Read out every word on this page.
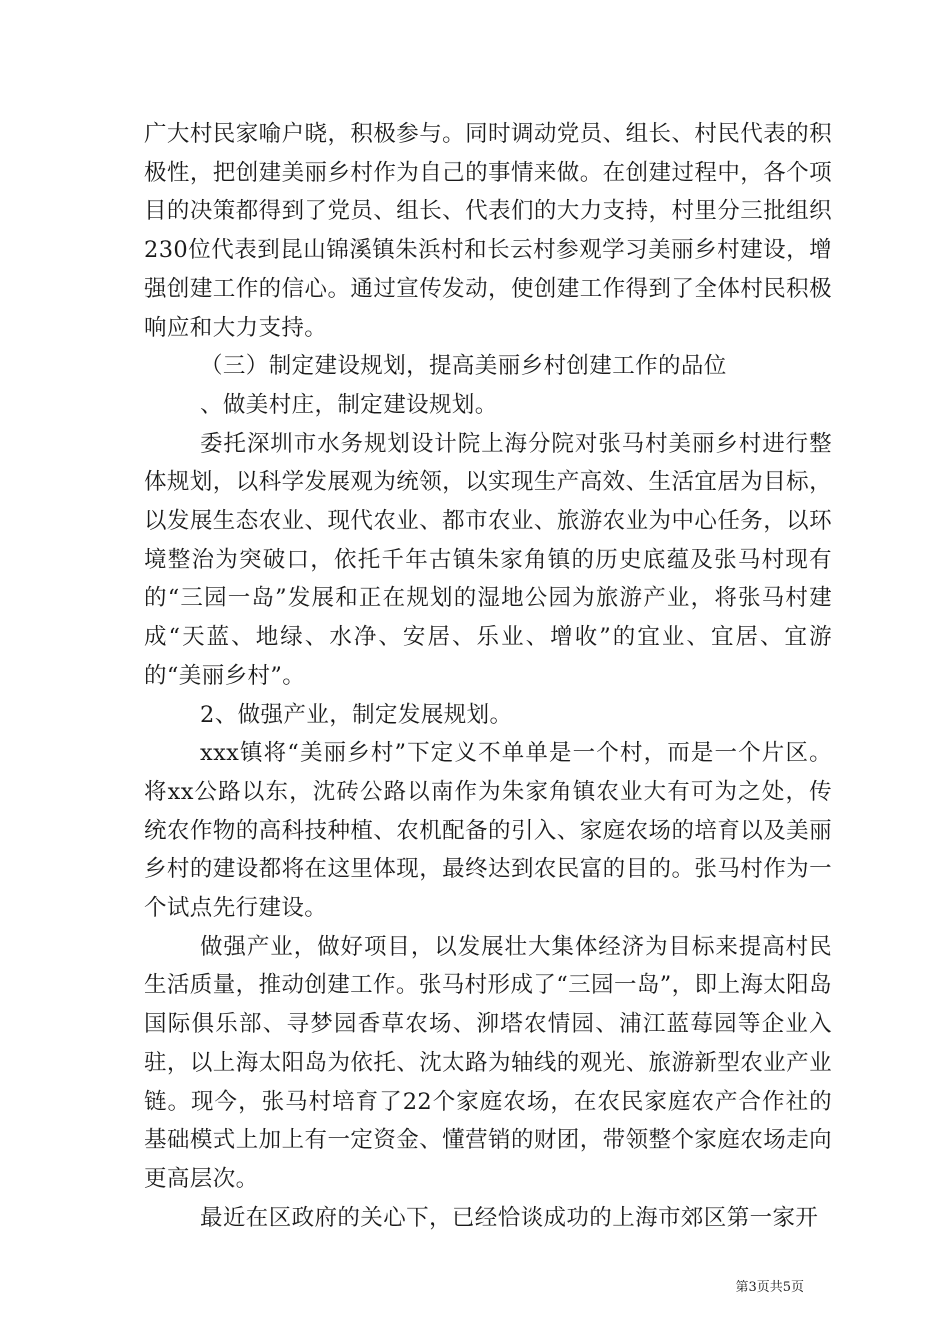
广大村民家喻户晓，积极参与。同时调动党员、组长、村民代表的积极性，把创建美丽乡村作为自己的事情来做。在创建过程中，各个项目的决策都得到了党员、组长、代表们的大力支持，村里分三批组织230位代表到昆山锦溪镇朱浜村和长云村参观学习美丽乡村建设，增强创建工作的信心。通过宣传发动，使创建工作得到了全体村民积极响应和大力支持。

（三）制定建设规划，提高美丽乡村创建工作的品位

、做美村庄，制定建设规划。

委托深圳市水务规划设计院上海分院对张马村美丽乡村进行整体规划，以科学发展观为统领，以实现生产高效、生活宜居为目标，以发展生态农业、现代农业、都市农业、旅游农业为中心任务，以环境整治为突破口，依托千年古镇朱家角镇的历史底蕴及张马村现有的“三园一岛”发展和正在规划的湿地公园为旅游产业，将张马村建成“天蓝、地绿、水净、安居、乐业、增收”的宜业、宜居、宜游的“美丽乡村”。

2、做强产业，制定发展规划。

xxx镇将“美丽乡村”下定义不单单是一个村，而是一个片区。将xx公路以东，沈砖公路以南作为朱家角镇农业大有可为之处，传统农作物的高科技种植、农机配备的引入、家庭农场的培育以及美丽乡村的建设都将在这里体现，最终达到农民富的目的。张马村作为一个试点先行建设。

做强产业，做好项目，以发展壮大集体经济为目标来提高村民生活质量，推动创建工作。张马村形成了“三园一岛”，即上海太阳岛国际俱乐部、寻梦园香草农场、泖塔农情园、浦江蓝莓园等企业入驻，以上海太阳岛为依托、沈太路为轴线的观光、旅游新型农业产业链。现今，张马村培育了22个家庭农场，在农民家庭农产合作社的基础模式上加上有一定资金、懂营销的财团，带领整个家庭农场走向更高层次。

最近在区政府的关心下，已经恰谈成功的上海市郊区第一家开

第3页共5页
